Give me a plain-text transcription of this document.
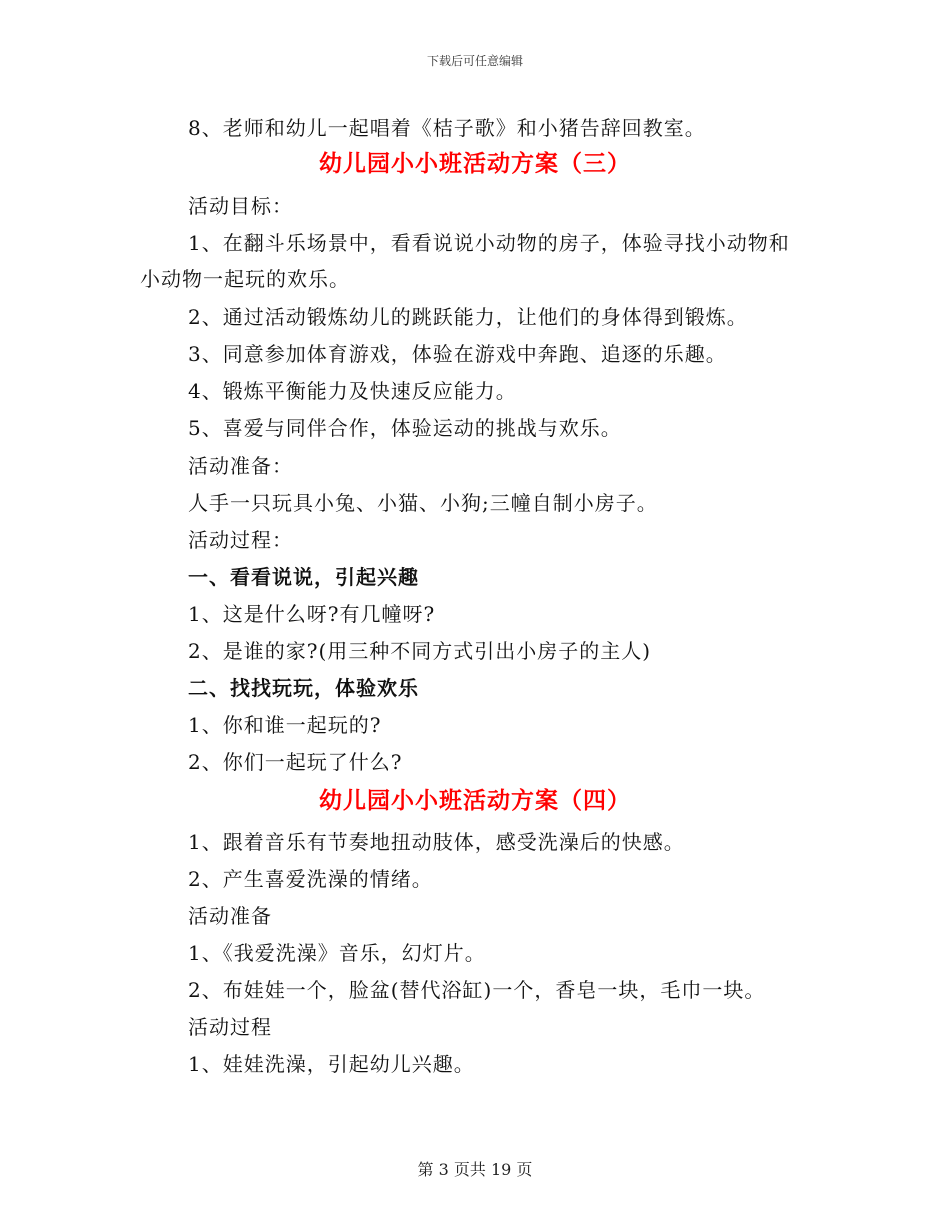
下载后可任意编辑
8、老师和幼儿一起唱着《桔子歌》和小猪告辞回教室。
幼儿园小小班活动方案（三）
活动目标：
1、在翻斗乐场景中，看看说说小动物的房子，体验寻找小动物和
小动物一起玩的欢乐。
2、通过活动锻炼幼儿的跳跃能力，让他们的身体得到锻炼。
3、同意参加体育游戏，体验在游戏中奔跑、追逐的乐趣。
4、锻炼平衡能力及快速反应能力。
5、喜爱与同伴合作，体验运动的挑战与欢乐。
活动准备：
人手一只玩具小兔、小猫、小狗;三幢自制小房子。
活动过程：
一、看看说说，引起兴趣
1、这是什么呀?有几幢呀?
2、是谁的家?(用三种不同方式引出小房子的主人)
二、找找玩玩，体验欢乐
1、你和谁一起玩的?
2、你们一起玩了什么?
幼儿园小小班活动方案（四）
1、跟着音乐有节奏地扭动肢体，感受洗澡后的快感。
2、产生喜爱洗澡的情绪。
活动准备
1、《我爱洗澡》音乐，幻灯片。
2、布娃娃一个，脸盆(替代浴缸)一个，香皂一块，毛巾一块。
活动过程
1、娃娃洗澡，引起幼儿兴趣。
第 3 页共 19 页
